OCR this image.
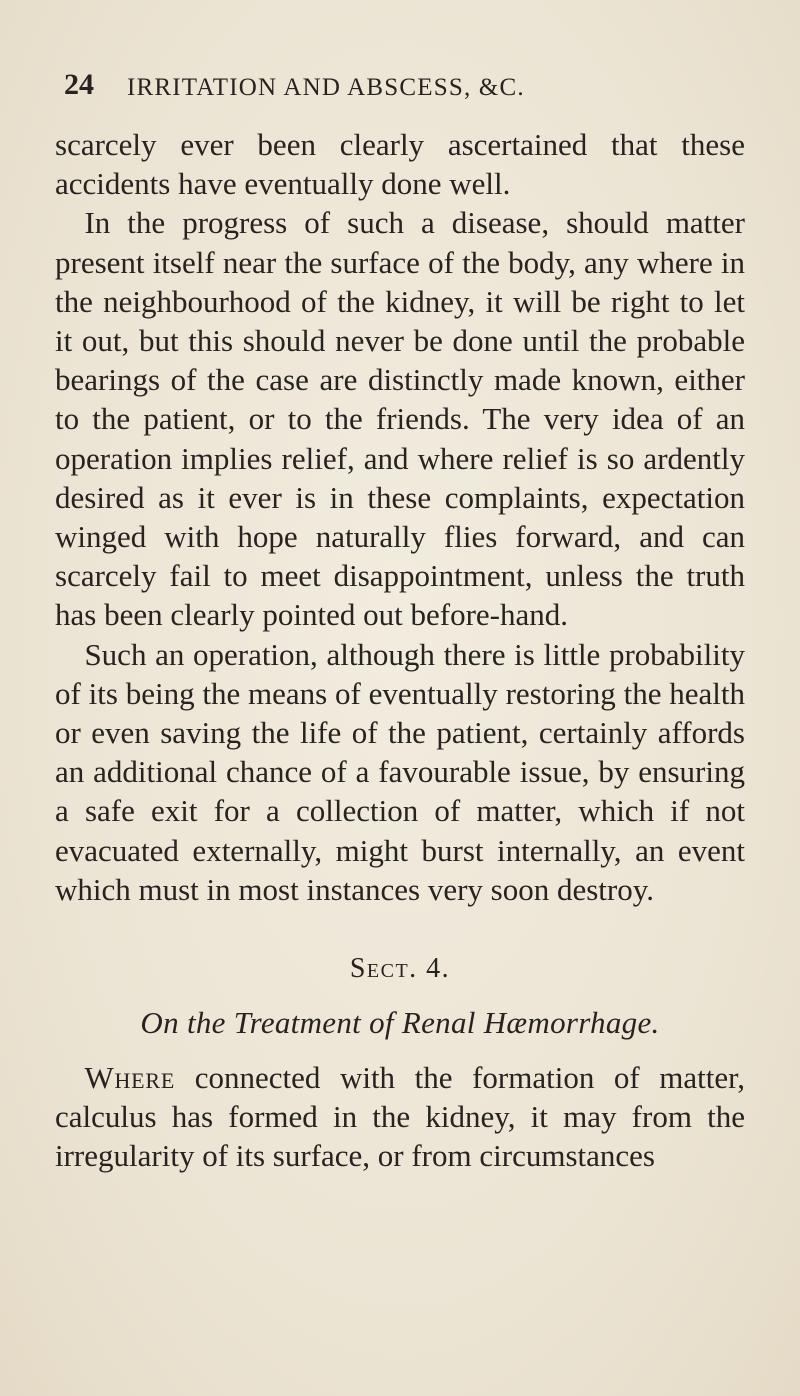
24 IRRITATION AND ABSCESS, &C.

scarcely ever been clearly ascertained that these accidents have eventually done well.

In the progress of such a disease, should matter present itself near the surface of the body, any where in the neighbourhood of the kidney, it will be right to let it out, but this should never be done until the probable bearings of the case are distinctly made known, either to the patient, or to the friends. The very idea of an operation implies relief, and where relief is so ardently desired as it ever is in these complaints, expectation winged with hope naturally flies forward, and can scarcely fail to meet disappointment, unless the truth has been clearly pointed out before-hand.

Such an operation, although there is little probability of its being the means of eventually restoring the health or even saving the life of the patient, certainly affords an additional chance of a favourable issue, by ensuring a safe exit for a collection of matter, which if not evacuated externally, might burst internally, an event which must in most instances very soon destroy.

Sect. 4.

On the Treatment of Renal Hæmorrhage.

Where connected with the formation of matter, calculus has formed in the kidney, it may from the irregularity of its surface, or from circumstances
